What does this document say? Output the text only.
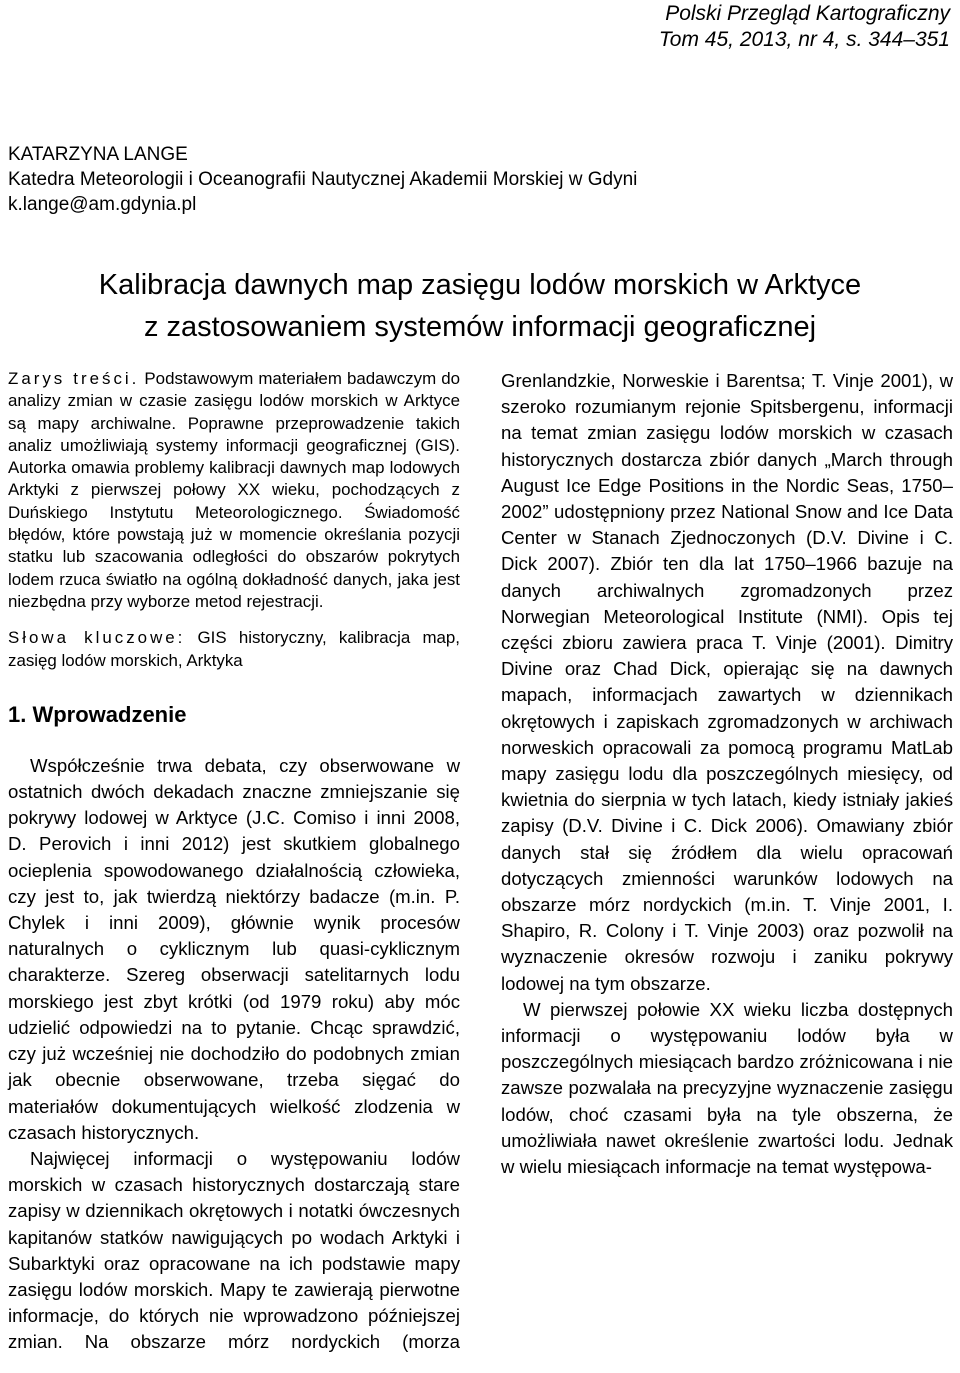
Polski Przegląd Kartograficzny
Tom 45, 2013, nr 4, s. 344–351
KATARZYNA LANGE
Katedra Meteorologii i Oceanografii Nautycznej Akademii Morskiej w Gdyni
k.lange@am.gdynia.pl
Kalibracja dawnych map zasięgu lodów morskich w Arktyce
z zastosowaniem systemów informacji geograficznej

Zarys treści. Podstawowym materiałem badawczym do analizy zmian w czasie zasięgu lodów morskich w Arktyce są mapy archiwalne. Poprawne przeprowadzenie takich analiz umożliwiają systemy informacji geograficznej (GIS). Autorka omawia problemy kalibracji dawnych map lodowych Arktyki z pierwszej połowy XX wieku, pochodzących z Duńskiego Instytutu Meteorologicznego. Świadomość błędów, które powstają już w momencie określania pozycji statku lub szacowania odległości do obszarów pokrytych lodem rzuca światło na ogólną dokładność danych, jaka jest niezbędna przy wyborze metod rejestracji.

Słowa kluczowe: GIS historyczny, kalibracja map, zasięg lodów morskich, Arktyka

1. Wprowadzenie

Współcześnie trwa debata, czy obserwowane w ostatnich dwóch dekadach znaczne zmniejszanie się pokrywy lodowej w Arktyce (J.C. Comiso i inni 2008, D. Perovich i inni 2012) jest skutkiem globalnego ocieplenia spowodowanego działalnością człowieka, czy jest to, jak twierdzą niektórzy badacze (m.in. P. Chylek i inni 2009), głównie wynik procesów naturalnych o cyklicznym lub quasi-cyklicznym charakterze. Szereg obserwacji satelitarnych lodu morskiego jest zbyt krótki (od 1979 roku) aby móc udzielić odpowiedzi na to pytanie. Chcąc sprawdzić, czy już wcześniej nie dochodziło do podobnych zmian jak obecnie obserwowane, trzeba sięgać do materiałów dokumentujących wielkość zlodzenia w czasach historycznych.

Najwięcej informacji o występowaniu lodów morskich w czasach historycznych dostarczają stare zapisy w dziennikach okrętowych i notatki ówczesnych kapitanów statków nawigujących po wodach Arktyki i Subarktyki oraz opracowane na ich podstawie mapy zasięgu lodów morskich. Mapy te zawierają pierwotne informacje, do których nie wprowadzono późniejszej zmian. Na obszarze mórz nordyckich (morza

Grenlandzkie, Norweskie i Barentsa; T. Vinje 2001), w szeroko rozumianym rejonie Spitsbergenu, informacji na temat zmian zasięgu lodów morskich w czasach historycznych dostarcza zbiór danych „March through August Ice Edge Positions in the Nordic Seas, 1750–2002” udostępniony przez National Snow and Ice Data Center w Stanach Zjednoczonych (D.V. Divine i C. Dick 2007). Zbiór ten dla lat 1750–1966 bazuje na danych archiwalnych zgromadzonych przez Norwegian Meteorological Institute (NMI). Opis tej części zbioru zawiera praca T. Vinje (2001). Dimitry Divine oraz Chad Dick, opierając się na dawnych mapach, informacjach zawartych w dziennikach okrętowych i zapiskach zgromadzonych w archiwach norweskich opracowali za pomocą programu MatLab mapy zasięgu lodu dla poszczególnych miesięcy, od kwietnia do sierpnia w tych latach, kiedy istniały jakieś zapisy (D.V. Divine i C. Dick 2006). Omawiany zbiór danych stał się źródłem dla wielu opracowań dotyczących zmienności warunków lodowych na obszarze mórz nordyckich (m.in. T. Vinje 2001, I. Shapiro, R. Colony i T. Vinje 2003) oraz pozwolił na wyznaczenie okresów rozwoju i zaniku pokrywy lodowej na tym obszarze.

W pierwszej połowie XX wieku liczba dostępnych informacji o występowaniu lodów była w poszczególnych miesiącach bardzo zróżnicowana i nie zawsze pozwalała na precyzyjne wyznaczenie zasięgu lodów, choć czasami była na tyle obszerna, że umożliwiała nawet określenie zwartości lodu. Jednak w wielu miesiącach informacje na temat występowa-
